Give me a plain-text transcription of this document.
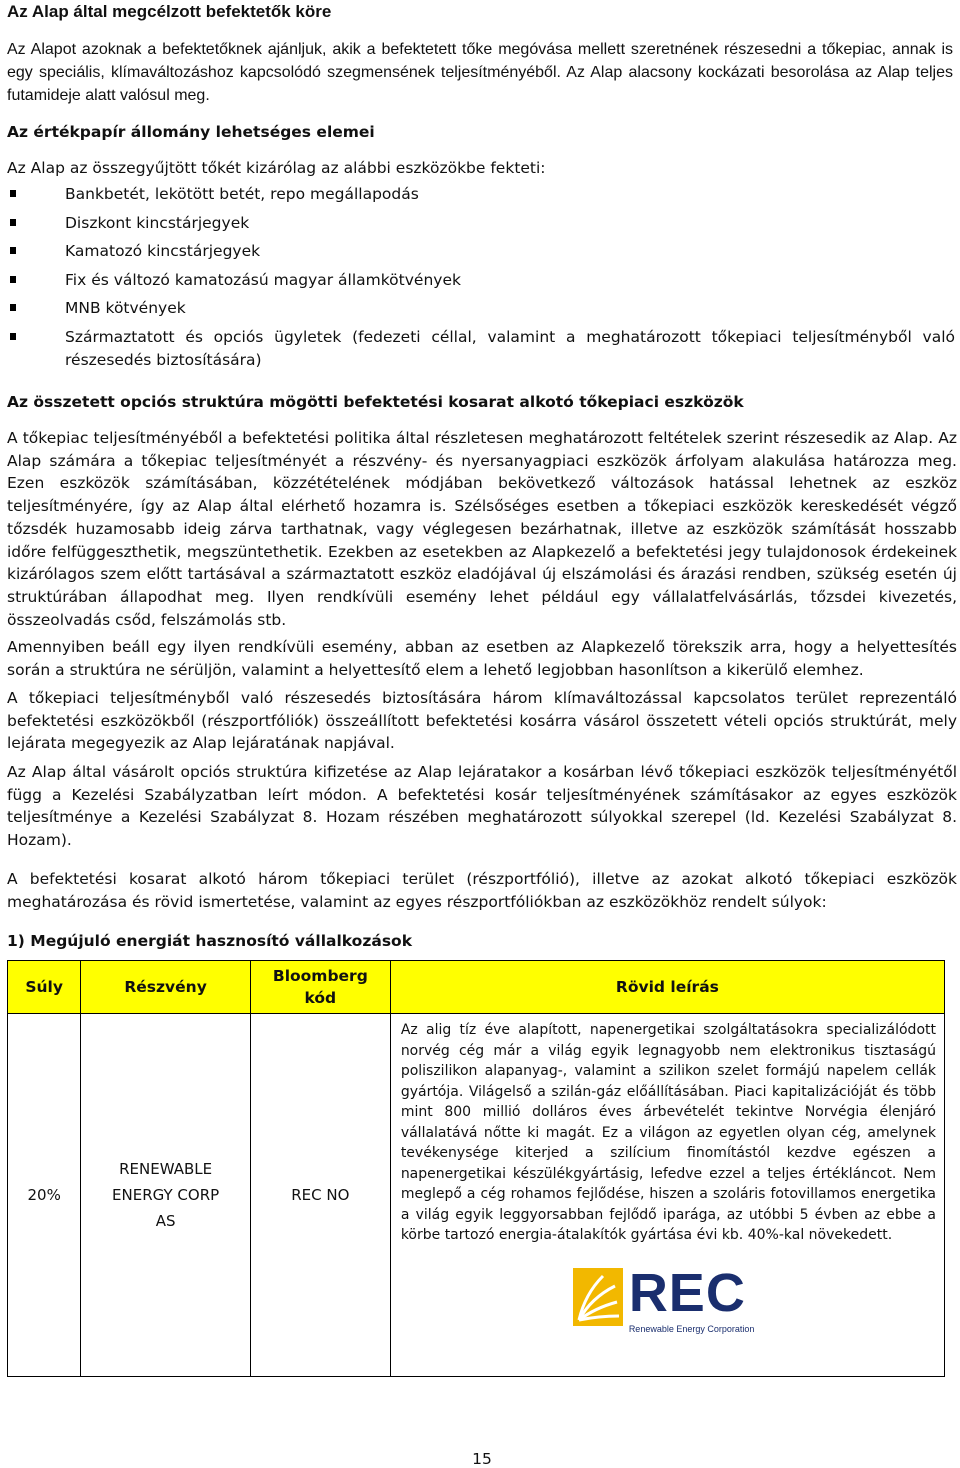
Az Alap által megcélzott befektetők köre

Az Alapot azoknak a befektetőknek ajánljuk, akik a befektetett tőke megóvása mellett szeretnének részesedni a tőkepiac, annak is egy speciális, klímaváltozáshoz kapcsolódó szegmensének teljesítményéből. Az Alap alacsony kockázati besorolása az Alap teljes futamideje alatt valósul meg.

Az értékpapír állomány lehetséges elemei

Az Alap az összegyűjtött tőkét kizárólag az alábbi eszközökbe fekteti:

Bankbetét, lekötött betét, repo megállapodás
Diszkont kincstárjegyek
Kamatozó kincstárjegyek
Fix és változó kamatozású magyar államkötvények
MNB kötvények
Származtatott és opciós ügyletek (fedezeti céllal, valamint a meghatározott tőkepiaci teljesítményből való részesedés biztosítására)
Az összetett opciós struktúra mögötti befektetési kosarat alkotó tőkepiaci eszközök

A tőkepiac teljesítményéből a befektetési politika által részletesen meghatározott feltételek szerint részesedik az Alap. Az Alap számára a tőkepiac teljesítményét a részvény- és nyersanyagpiaci eszközök árfolyam alakulása határozza meg. Ezen eszközök számításában, közzétételének módjában bekövetkező változások hatással lehetnek az eszköz teljesítményére, így az Alap által elérhető hozamra is. Szélsőséges esetben a tőkepiaci eszközök kereskedését végző tőzsdék huzamosabb ideig zárva tarthatnak, vagy véglegesen bezárhatnak, illetve az eszközök számítását hosszabb időre felfüggeszthetik, megszüntethetik. Ezekben az esetekben az Alapkezelő a befektetési jegy tulajdonosok érdekeinek kizárólagos szem előtt tartásával a származtatott eszköz eladójával új elszámolási és árazási rendben, szükség esetén új struktúrában állapodhat meg. Ilyen rendkívüli esemény lehet például egy vállalatfelvásárlás, tőzsdei kivezetés, összeolvadás csőd, felszámolás stb.

Amennyiben beáll egy ilyen rendkívüli esemény, abban az esetben az Alapkezelő törekszik arra, hogy a helyettesítés során a struktúra ne sérüljön, valamint a helyettesítő elem a lehető legjobban hasonlítson a kikerülő elemhez.

A tőkepiaci teljesítményből való részesedés biztosítására három klímaváltozással kapcsolatos terület reprezentáló befektetési eszközökből (részportfóliók) összeállított befektetési kosárra vásárol összetett vételi opciós struktúrát, mely lejárata megegyezik az Alap lejáratának napjával.

Az Alap által vásárolt opciós struktúra kifizetése az Alap lejáratakor a kosárban lévő tőkepiaci eszközök teljesítményétől függ a Kezelési Szabályzatban leírt módon. A befektetési kosár teljesítményének számításakor az egyes eszközök teljesítménye a Kezelési Szabályzat 8. Hozam részében meghatározott súlyokkal szerepel (ld. Kezelési Szabályzat 8. Hozam).

A befektetési kosarat alkotó három tőkepiaci terület (részportfólió), illetve az azokat alkotó tőkepiaci eszközök meghatározása és rövid ismertetése, valamint az egyes részportfóliókban az eszközökhöz rendelt súlyok:

1) Megújuló energiát hasznosító vállalkozások
Súly	Részvény	Bloomberg kód	Rövid leírás
20%	RENEWABLE ENERGY CORP AS	REC NO	Az alig tíz éve alapított, napenergetikai szolgáltatásokra specializálódott norvég cég már a világ egyik legnagyobb nem elektronikus tisztaságú poliszilikon alapanyag-, valamint a szilikon szelet formájú napelem cellák gyártója. Világelső a szilán-gáz előállításában. Piaci kapitalizációját és több mint 800 millió dolláros éves árbevételét tekintve Norvégia élenjáró vállalatává nőtte ki magát. Ez a világon az egyetlen olyan cég, amelynek tevékenysége kiterjed a szilícium finomítástól kezdve egészen a napenergetikai készülékgyártásig, lefedve ezzel a teljes értékláncot. Nem meglepő a cég rohamos fejlődése, hiszen a szoláris fotovillamos energetika a világ egyik leggyorsabban fejlődő iparága, az utóbbi 5 évben az ebbe a körbe tartozó energia-átalakítók gyártása évi kb. 40%-kal növekedett.
REC
Renewable Energy Corporation
15
